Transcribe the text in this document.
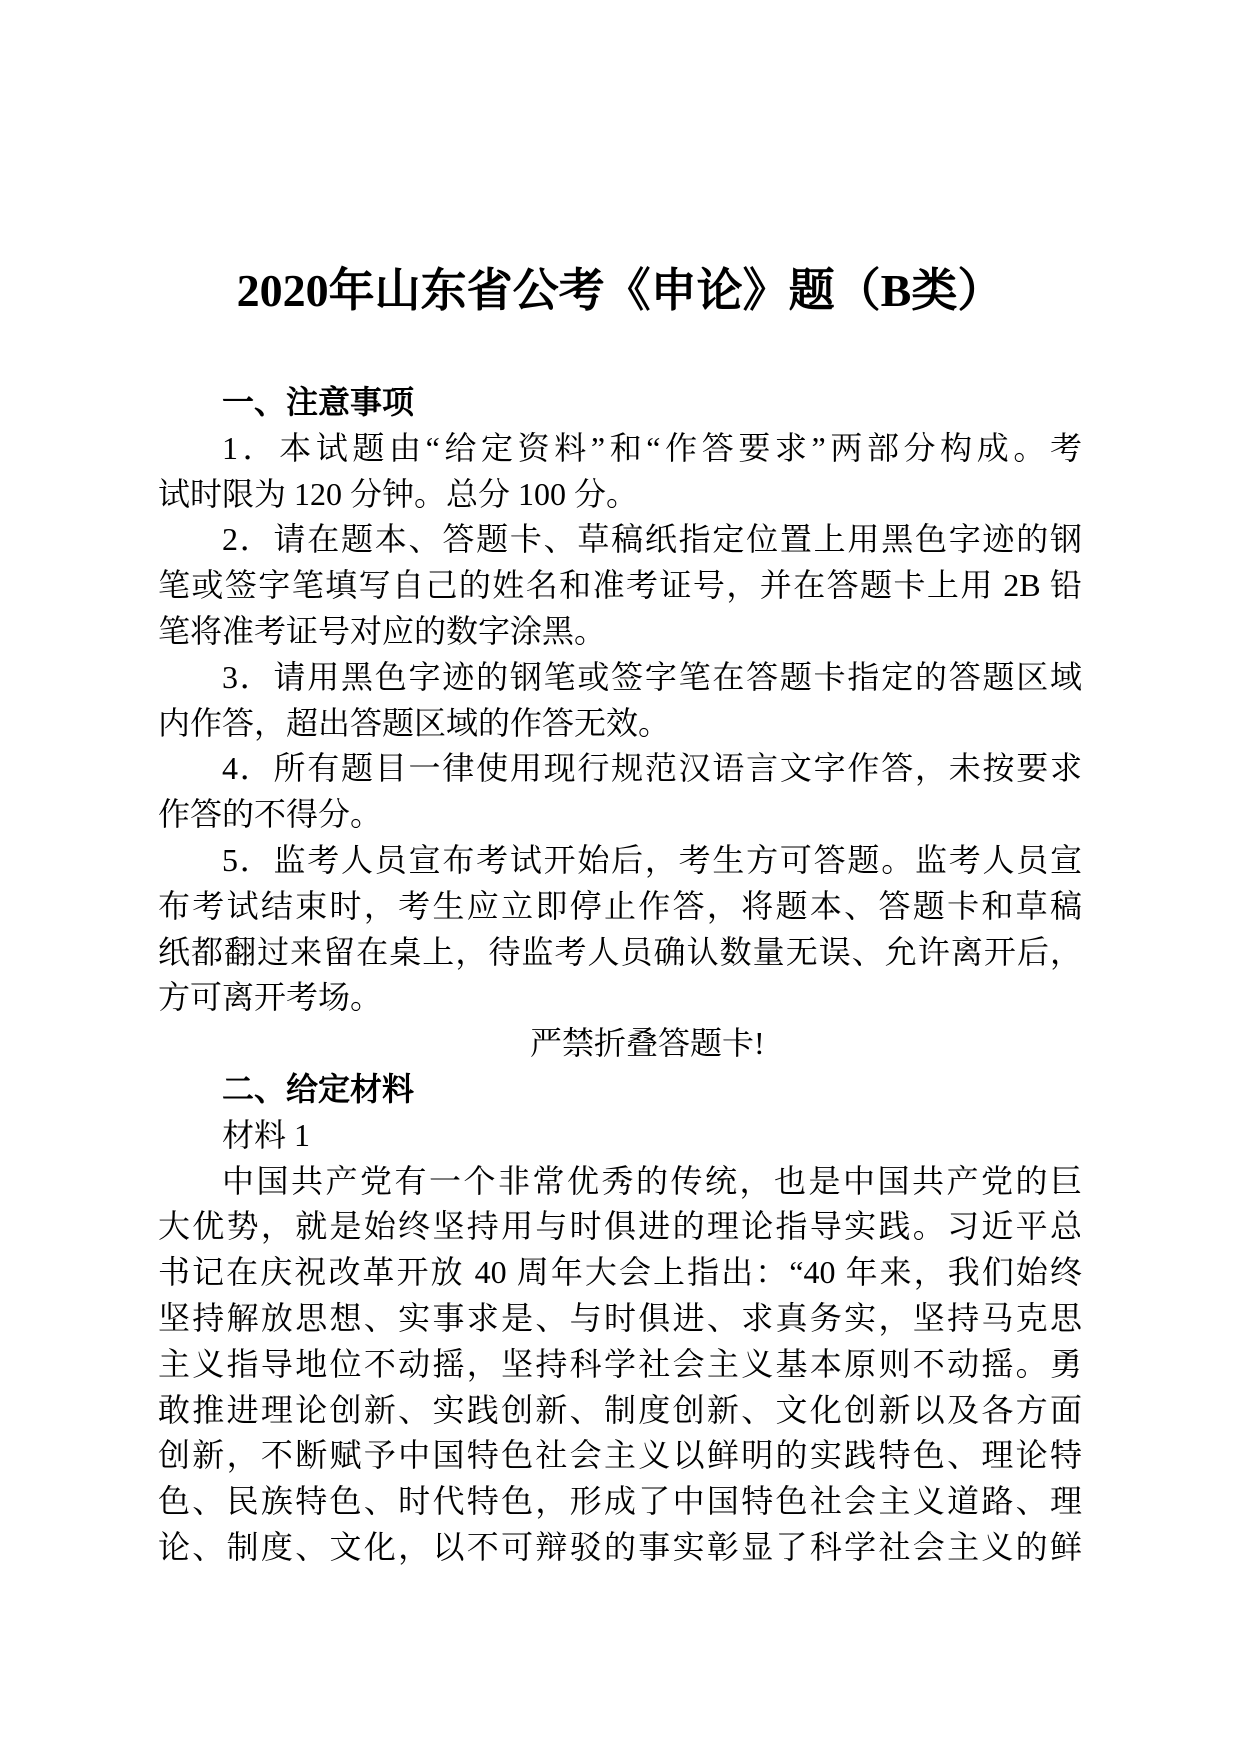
2020年山东省公考《申论》题（B类）
一、注意事项
1．本试题由“给定资料”和“作答要求”两部分构成。考
试时限为 120 分钟。总分 100 分。
2．请在题本、答题卡、草稿纸指定位置上用黑色字迹的钢
笔或签字笔填写自己的姓名和准考证号，并在答题卡上用 2B 铅
笔将准考证号对应的数字涂黑。
3．请用黑色字迹的钢笔或签字笔在答题卡指定的答题区域
内作答，超出答题区域的作答无效。
4．所有题目一律使用现行规范汉语言文字作答，未按要求
作答的不得分。
5．监考人员宣布考试开始后，考生方可答题。监考人员宣
布考试结束时，考生应立即停止作答，将题本、答题卡和草稿
纸都翻过来留在桌上，待监考人员确认数量无误、允许离开后，
方可离开考场。
严禁折叠答题卡!
二、给定材料
材料 1
中国共产党有一个非常优秀的传统，也是中国共产党的巨
大优势，就是始终坚持用与时俱进的理论指导实践。习近平总
书记在庆祝改革开放 40 周年大会上指出：“40 年来，我们始终
坚持解放思想、实事求是、与时俱进、求真务实，坚持马克思
主义指导地位不动摇，坚持科学社会主义基本原则不动摇。勇
敢推进理论创新、实践创新、制度创新、文化创新以及各方面
创新，不断赋予中国特色社会主义以鲜明的实践特色、理论特
色、民族特色、时代特色，形成了中国特色社会主义道路、理
论、制度、文化，以不可辩驳的事实彰显了科学社会主义的鲜
